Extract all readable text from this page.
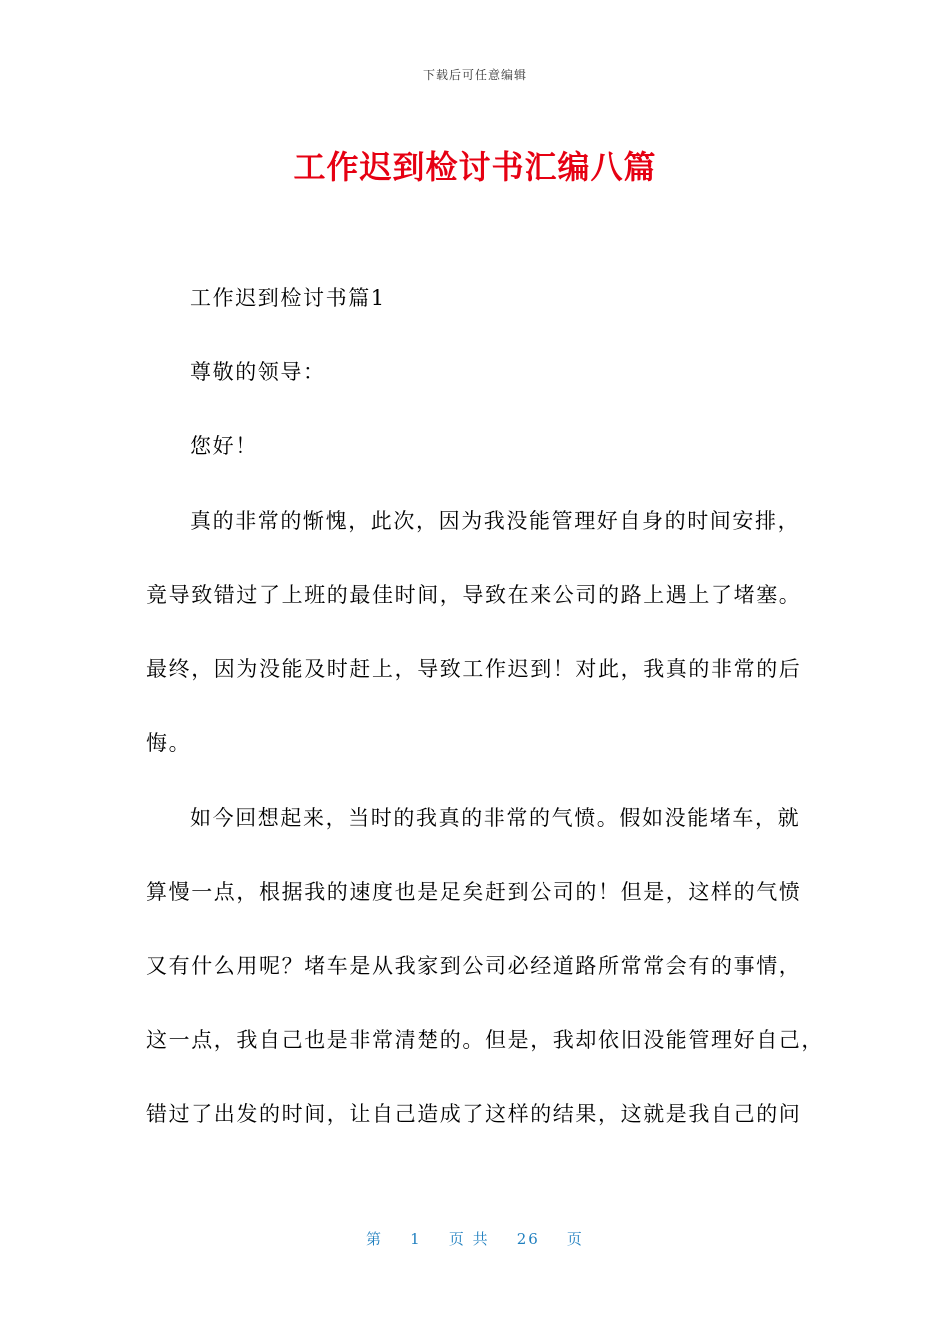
下载后可任意编辑
工作迟到检讨书汇编八篇
工作迟到检讨书篇1
尊敬的领导：
您好！
真的非常的惭愧，此次，因为我没能管理好自身的时间安排，
竟导致错过了上班的最佳时间，导致在来公司的路上遇上了堵塞。
最终，因为没能及时赶上，导致工作迟到！对此，我真的非常的后
悔。
如今回想起来，当时的我真的非常的气愤。假如没能堵车，就
算慢一点，根据我的速度也是足矣赶到公司的！但是，这样的气愤
又有什么用呢？堵车是从我家到公司必经道路所常常会有的事情，
这一点，我自己也是非常清楚的。但是，我却依旧没能管理好自己，
错过了出发的时间，让自己造成了这样的结果，这就是我自己的问
第 1 页 共 26 页
